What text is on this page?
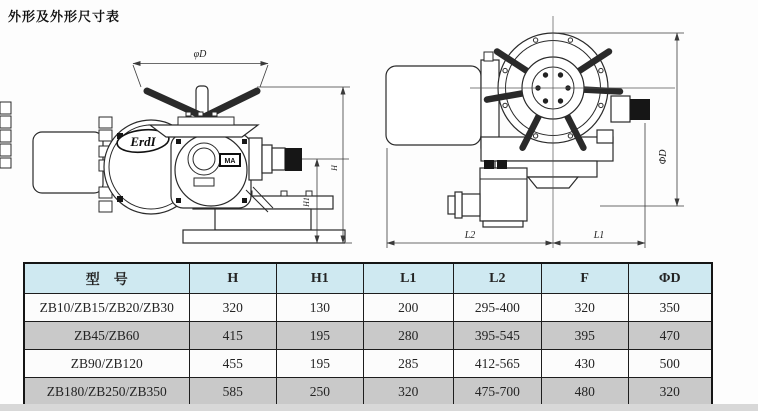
外形及外形尺寸表
ErdI
MA
φD
H
H1
ΦD
L2	L1
型　号	H	H1	L1	L2	F	ΦD
ZB10/ZB15/ZB20/ZB30	320	130	200	295-400	320	350
ZB45/ZB60	415	195	280	395-545	395	470
ZB90/ZB120	455	195	285	412-565	430	500
ZB180/ZB250/ZB350	585	250	320	475-700	480	320
